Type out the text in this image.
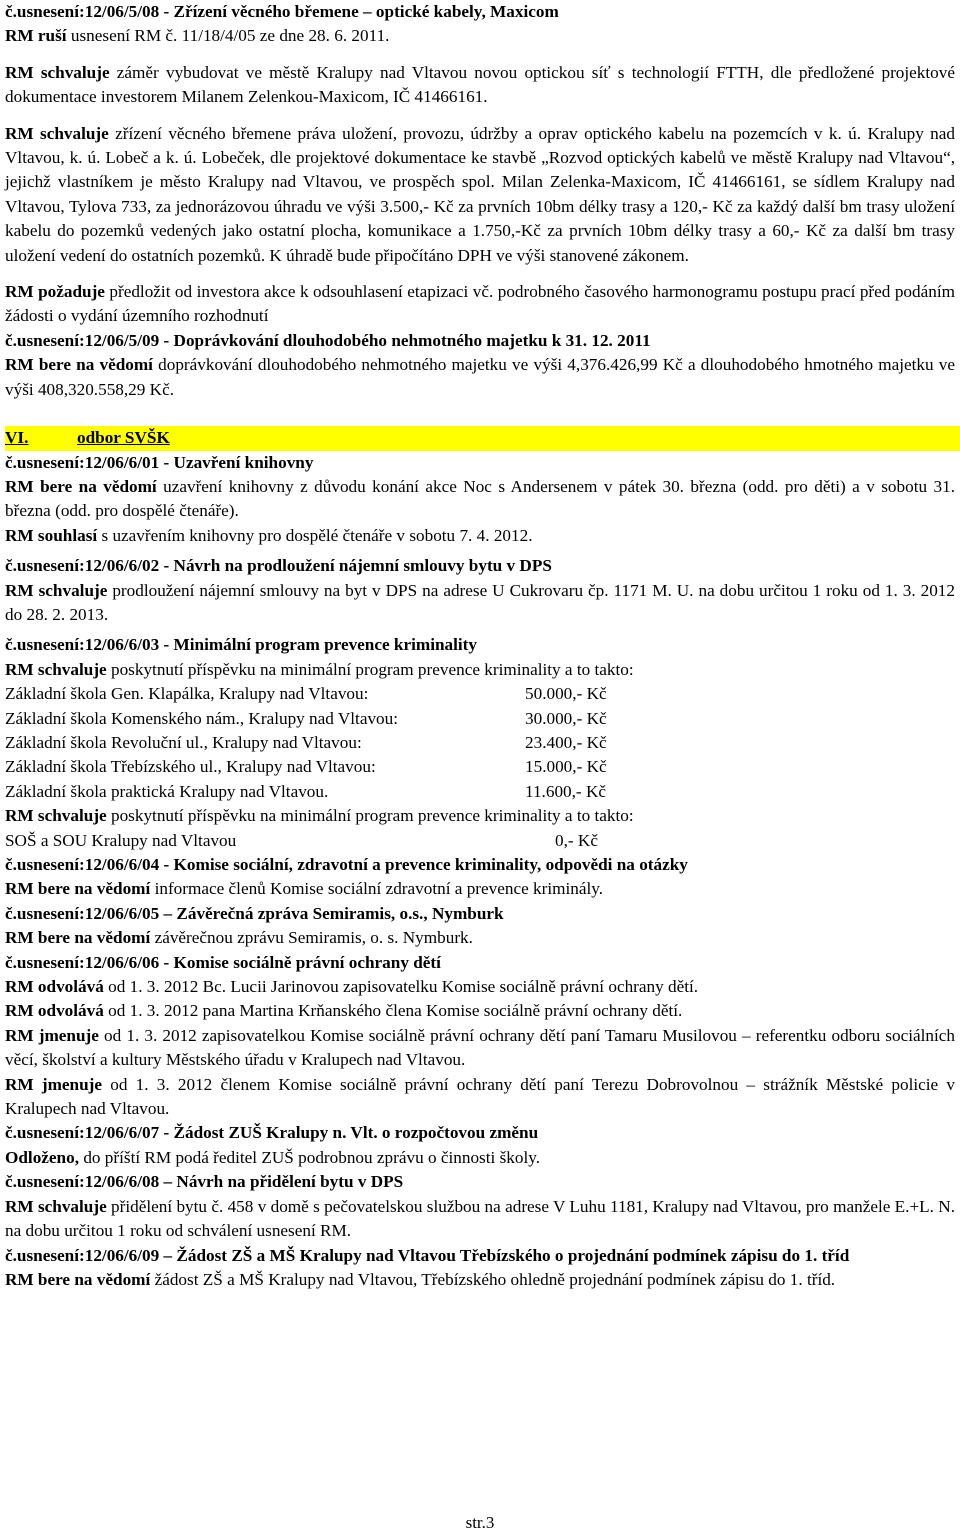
č.usnesení:12/06/5/08 - Zřízení věcného břemene – optické kabely, Maxicom

RM ruší usnesení RM č. 11/18/4/05 ze dne 28. 6. 2011.

RM schvaluje záměr vybudovat ve městě Kralupy nad Vltavou novou optickou síť s technologií FTTH, dle předložené projektové dokumentace investorem Milanem Zelenkou-Maxicom, IČ 41466161.

RM schvaluje zřízení věcného břemene práva uložení, provozu, údržby a oprav optického kabelu na pozemcích v k. ú. Kralupy nad Vltavou, k. ú. Lobeč a k. ú. Lobeček, dle projektové dokumentace ke stavbě „Rozvod optických kabelů ve městě Kralupy nad Vltavou“, jejichž vlastníkem je město Kralupy nad Vltavou, ve prospěch spol. Milan Zelenka-Maxicom, IČ 41466161, se sídlem Kralupy nad Vltavou, Tylova 733, za jednorázovou úhradu ve výši 3.500,- Kč za prvních 10bm délky trasy a 120,- Kč za každý další bm trasy uložení kabelu do pozemků vedených jako ostatní plocha, komunikace a 1.750,-Kč za prvních 10bm délky trasy a 60,- Kč za další bm trasy uložení vedení do ostatních pozemků. K úhradě bude připočítáno DPH ve výši stanovené zákonem.

RM požaduje předložit od investora akce k odsouhlasení etapizaci vč. podrobného časového harmonogramu postupu prací před podáním žádosti o vydání územního rozhodnutí

č.usnesení:12/06/5/09 - Doprávkování dlouhodobého nehmotného majetku k 31. 12. 2011

RM bere na vědomí doprávkování dlouhodobého nehmotného majetku ve výši 4,376.426,99 Kč a dlouhodobého hmotného majetku ve výši 408,320.558,29 Kč.

VI.	odbor SVŠK

č.usnesení:12/06/6/01 - Uzavření knihovny

RM bere na vědomí uzavření knihovny z důvodu konání akce Noc s Andersenem v pátek 30. března (odd. pro děti) a v sobotu 31. března (odd. pro dospělé čtenáře).

RM souhlasí s uzavřením knihovny pro dospělé čtenáře v sobotu 7. 4. 2012.

č.usnesení:12/06/6/02 - Návrh na prodloužení nájemní smlouvy bytu v DPS

RM schvaluje prodloužení nájemní smlouvy na byt v DPS na adrese U Cukrovaru čp. 1171 M. U. na dobu určitou 1 roku od 1. 3. 2012 do 28. 2. 2013.

č.usnesení:12/06/6/03 - Minimální program prevence kriminality

RM schvaluje poskytnutí příspěvku na minimální program prevence kriminality a to takto:

Základní škola Gen. Klapálka, Kralupy nad Vltavou:	50.000,- Kč
Základní škola Komenského nám., Kralupy nad Vltavou:	30.000,- Kč
Základní škola Revoluční ul., Kralupy nad Vltavou:	23.400,- Kč
Základní škola Třebízského ul., Kralupy nad Vltavou:	15.000,- Kč
Základní škola praktická Kralupy nad Vltavou.	11.600,- Kč

RM schvaluje poskytnutí příspěvku na minimální program prevence kriminality a to takto:

SOŠ a SOU Kralupy nad Vltavou	0,- Kč

č.usnesení:12/06/6/04 - Komise sociální, zdravotní a prevence kriminality, odpovědi na otázky

RM bere na vědomí informace členů Komise sociální zdravotní a prevence kriminály.

č.usnesení:12/06/6/05 – Závěrečná zpráva Semiramis, o.s., Nymburk

RM bere na vědomí závěrečnou zprávu Semiramis, o. s. Nymburk.

č.usnesení:12/06/6/06 - Komise sociálně právní ochrany dětí

RM odvolává od 1. 3. 2012 Bc. Lucii Jarinovou zapisovatelku Komise sociálně právní ochrany dětí.

RM odvolává od 1. 3. 2012 pana Martina Krňanského člena Komise sociálně právní ochrany dětí.

RM jmenuje od 1. 3. 2012 zapisovatelkou Komise sociálně právní ochrany dětí paní Tamaru Musilovou – referentku odboru sociálních věcí, školství a kultury Městského úřadu v Kralupech nad Vltavou.

RM jmenuje od 1. 3. 2012 členem Komise sociálně právní ochrany dětí paní Terezu Dobrovolnou – strážník Městské policie v Kralupech nad Vltavou.

č.usnesení:12/06/6/07 - Žádost ZUŠ Kralupy n. Vlt. o rozpočtovou změnu

Odloženo, do příští RM podá ředitel ZUŠ podrobnou zprávu o činnosti školy.

č.usnesení:12/06/6/08 – Návrh na přidělení bytu v DPS

RM schvaluje přidělení bytu č. 458 v domě s pečovatelskou službou na adrese V Luhu 1181, Kralupy nad Vltavou, pro manžele E.+L. N. na dobu určitou 1 roku od schválení usnesení RM.

č.usnesení:12/06/6/09 – Žádost ZŠ a MŠ Kralupy nad Vltavou Třebízského o projednání podmínek zápisu do 1. tříd

RM bere na vědomí žádost ZŠ a MŠ Kralupy nad Vltavou, Třebízského ohledně projednání podmínek zápisu do 1. tříd.

str.3
